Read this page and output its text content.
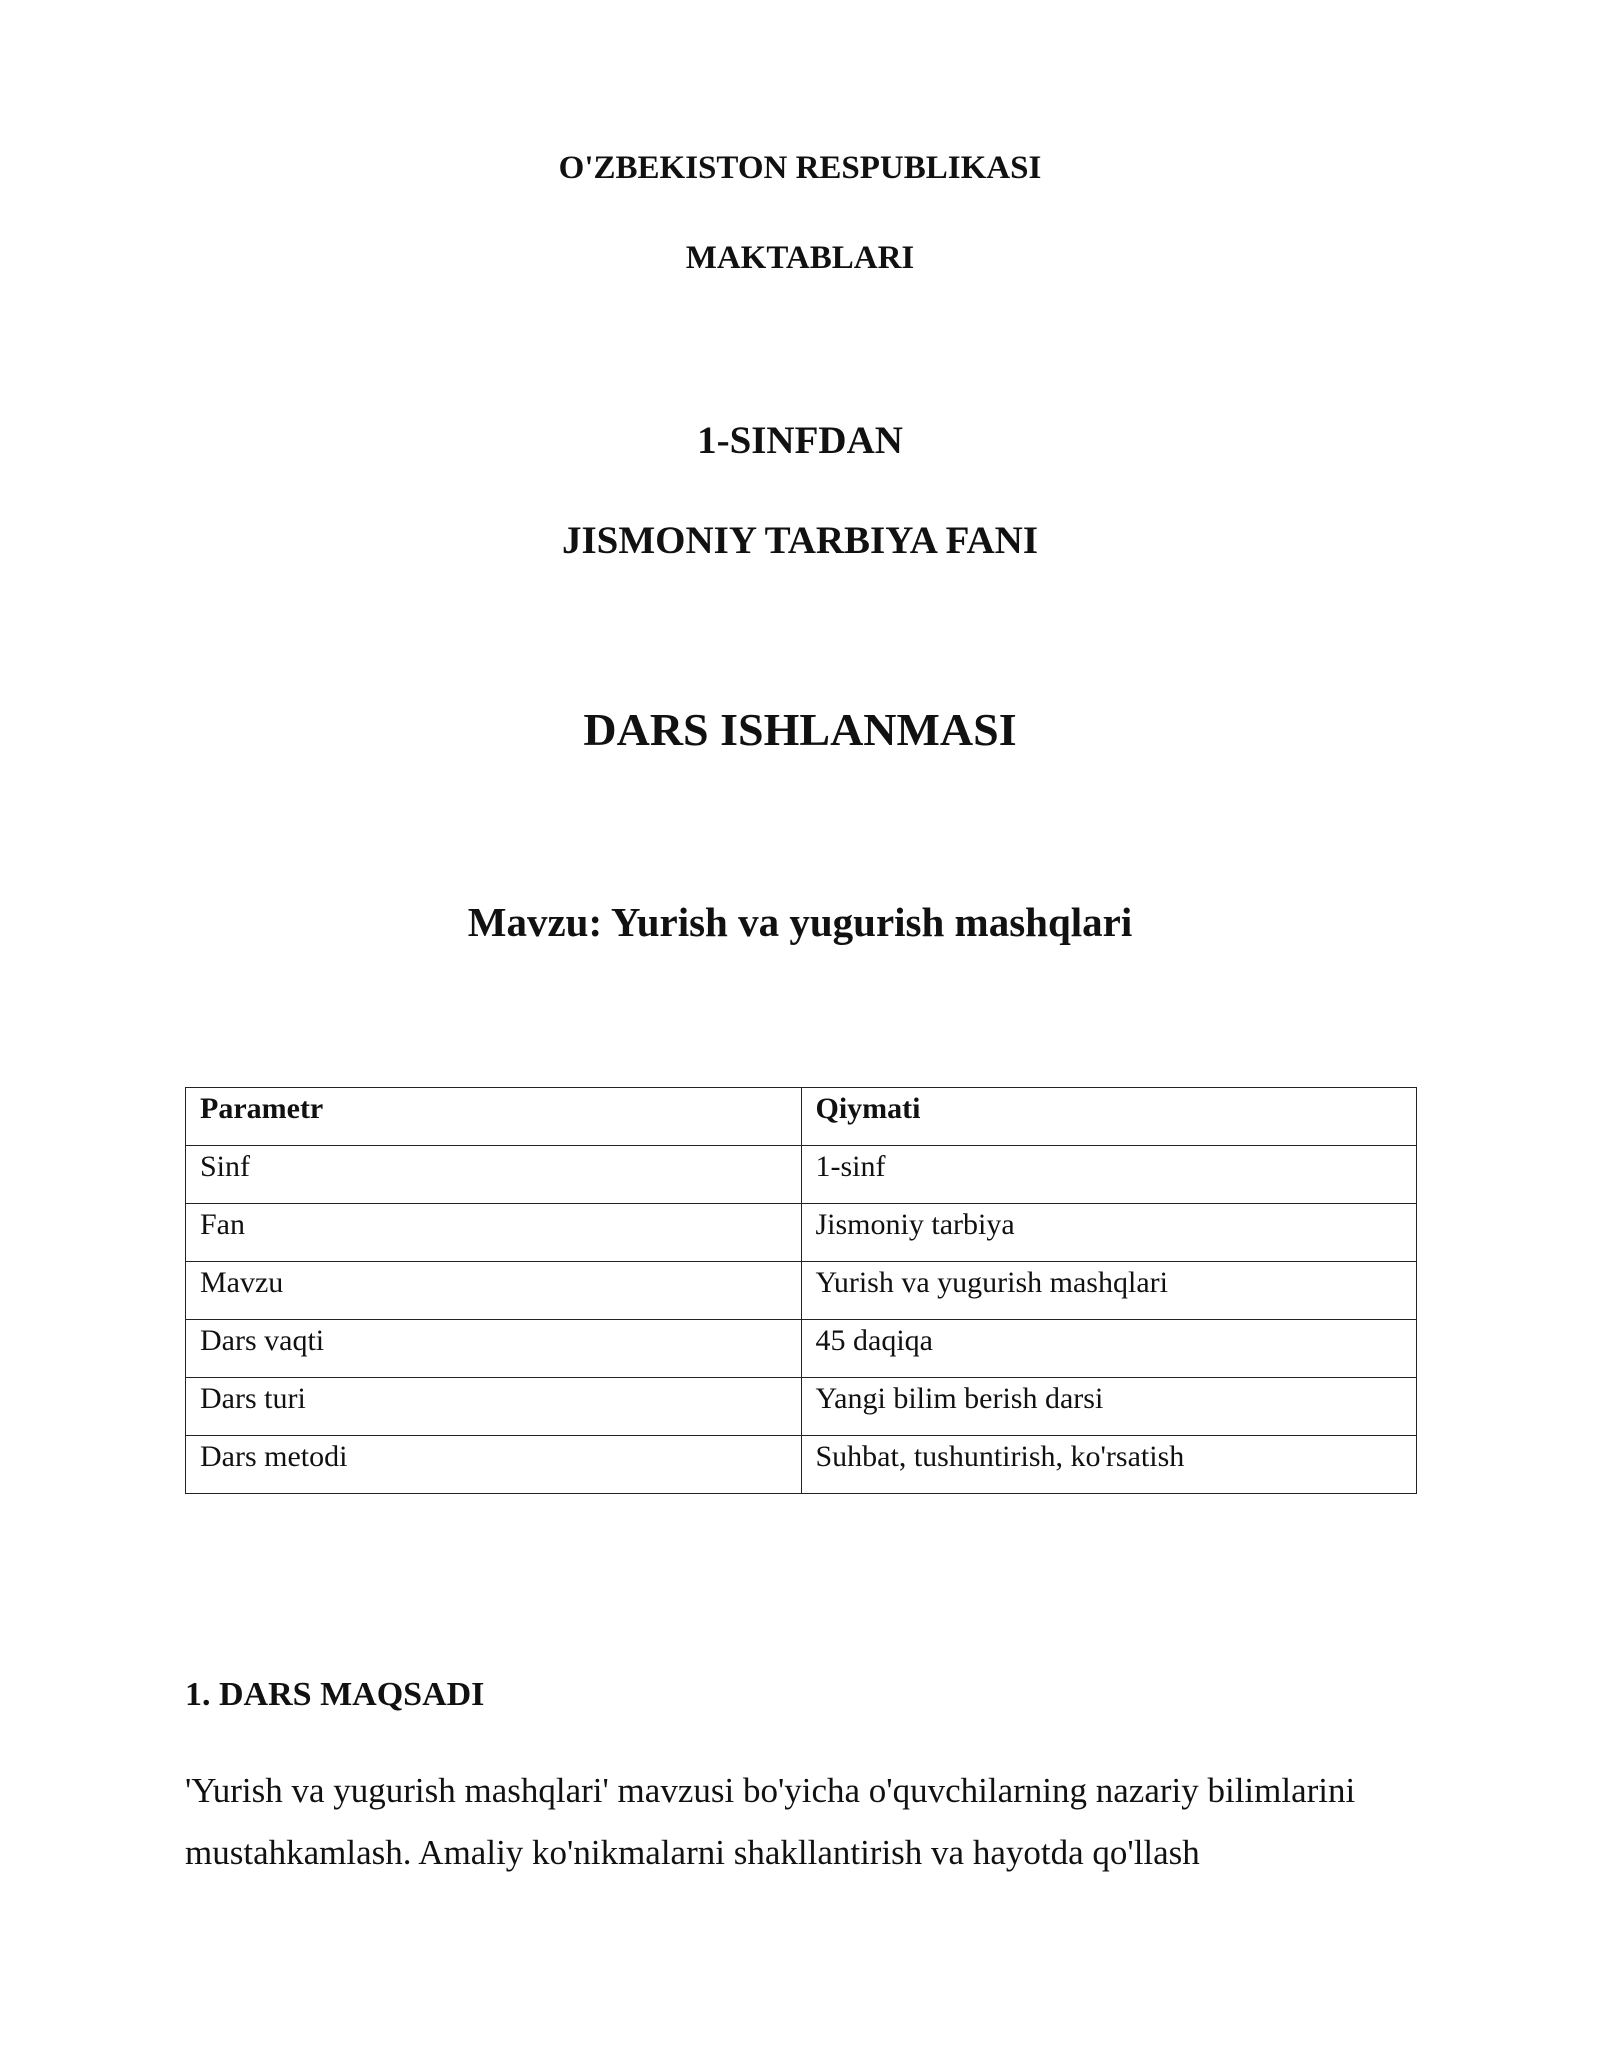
O'ZBEKISTON RESPUBLIKASI

MAKTABLARI

1-SINFDAN

JISMONIY TARBIYA FANI

DARS ISHLANMASI

Mavzu: Yurish va yugurish mashqlari

Parametr	Qiymati
Sinf	1-sinf
Fan	Jismoniy tarbiya
Mavzu	Yurish va yugurish mashqlari
Dars vaqti	45 daqiqa
Dars turi	Yangi bilim berish darsi
Dars metodi	Suhbat, tushuntirish, ko'rsatish
1. DARS MAQSADI

'Yurish va yugurish mashqlari' mavzusi bo'yicha o'quvchilarning nazariy bilimlarini mustahkamlash. Amaliy ko'nikmalarni shakllantirish va hayotda qo'llash
